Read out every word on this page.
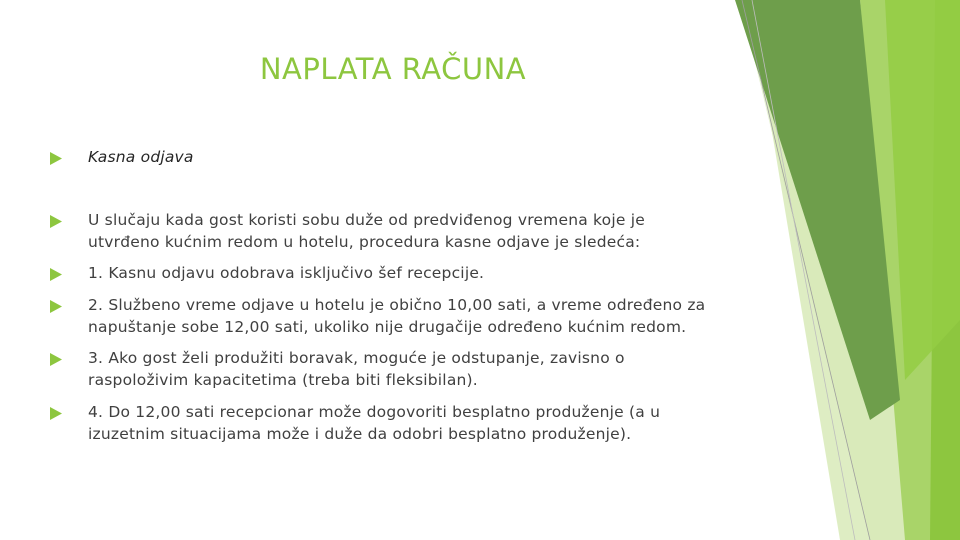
NAPLATA RAČUNA
Kasna odjava
U slučaju kada gost koristi sobu duže od predviđenog vremena koje je
utvrđeno kućnim redom u hotelu, procedura kasne odjave je sledeća:
1. Kasnu odjavu odobrava isključivo šef recepcije.
2. Službeno vreme odjave u hotelu je obično 10,00 sati, a vreme određeno za
napuštanje sobe 12,00 sati, ukoliko nije drugačije određeno kućnim redom.
3. Ako gost želi produžiti boravak, moguće je odstupanje, zavisno o
raspoloživim kapacitetima (treba biti fleksibilan).
4. Do 12,00 sati recepcionar može dogovoriti besplatno produženje (a u
izuzetnim situacijama može i duže da odobri besplatno produženje).
